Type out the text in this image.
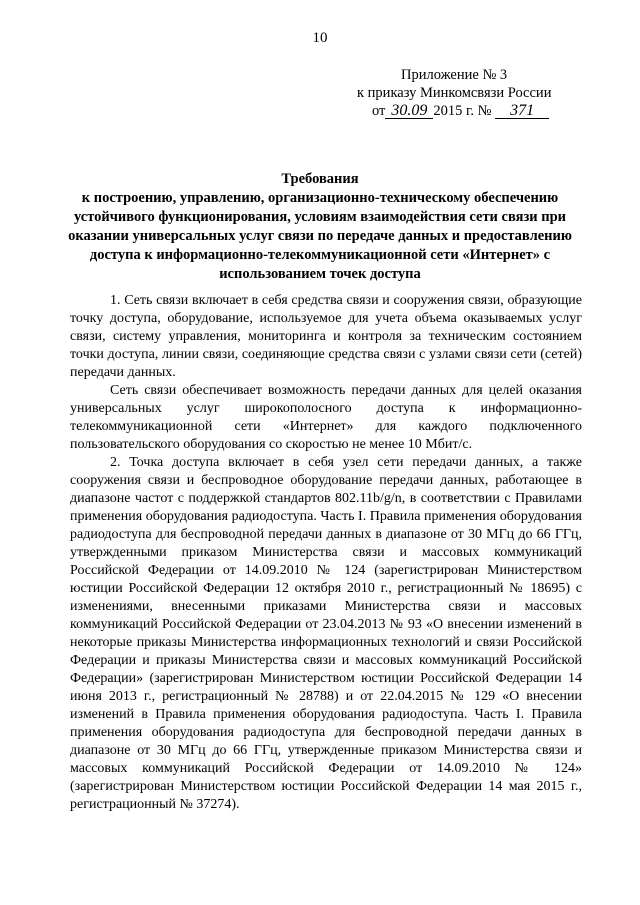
10
Приложение № 3
к приказу Минкомсвязи России
от 30.09 2015 г. № 371
Требования
к построению, управлению, организационно-техническому обеспечению устойчивого функционирования, условиям взаимодействия сети связи при оказании универсальных услуг связи по передаче данных и предоставлению доступа к информационно-телекоммуникационной сети «Интернет» с использованием точек доступа

1. Сеть связи включает в себя средства связи и сооружения связи, образующие точку доступа, оборудование, используемое для учета объема оказываемых услуг связи, систему управления, мониторинга и контроля за техническим состоянием точки доступа, линии связи, соединяющие средства связи с узлами связи сети (сетей) передачи данных.

Сеть связи обеспечивает возможность передачи данных для целей оказания универсальных услуг широкополосного доступа к информационно-телекоммуникационной сети «Интернет» для каждого подключенного пользовательского оборудования со скоростью не менее 10 Мбит/с.

2. Точка доступа включает в себя узел сети передачи данных, а также сооружения связи и беспроводное оборудование передачи данных, работающее в диапазоне частот с поддержкой стандартов 802.11b/g/n, в соответствии с Правилами применения оборудования радиодоступа. Часть I. Правила применения оборудования радиодоступа для беспроводной передачи данных в диапазоне от 30 МГц до 66 ГГц, утвержденными приказом Министерства связи и массовых коммуникаций Российской Федерации от 14.09.2010 № 124 (зарегистрирован Министерством юстиции Российской Федерации 12 октября 2010 г., регистрационный № 18695) с изменениями, внесенными приказами Министерства связи и массовых коммуникаций Российской Федерации от 23.04.2013 № 93 «О внесении изменений в некоторые приказы Министерства информационных технологий и связи Российской Федерации и приказы Министерства связи и массовых коммуникаций Российской Федерации» (зарегистрирован Министерством юстиции Российской Федерации 14 июня 2013 г., регистрационный № 28788) и от 22.04.2015 № 129 «О внесении изменений в Правила применения оборудования радиодоступа. Часть I. Правила применения оборудования радиодоступа для беспроводной передачи данных в диапазоне от 30 МГц до 66 ГГц, утвержденные приказом Министерства связи и массовых коммуникаций Российской Федерации от 14.09.2010 № 124» (зарегистрирован Министерством юстиции Российской Федерации 14 мая 2015 г., регистрационный № 37274).
